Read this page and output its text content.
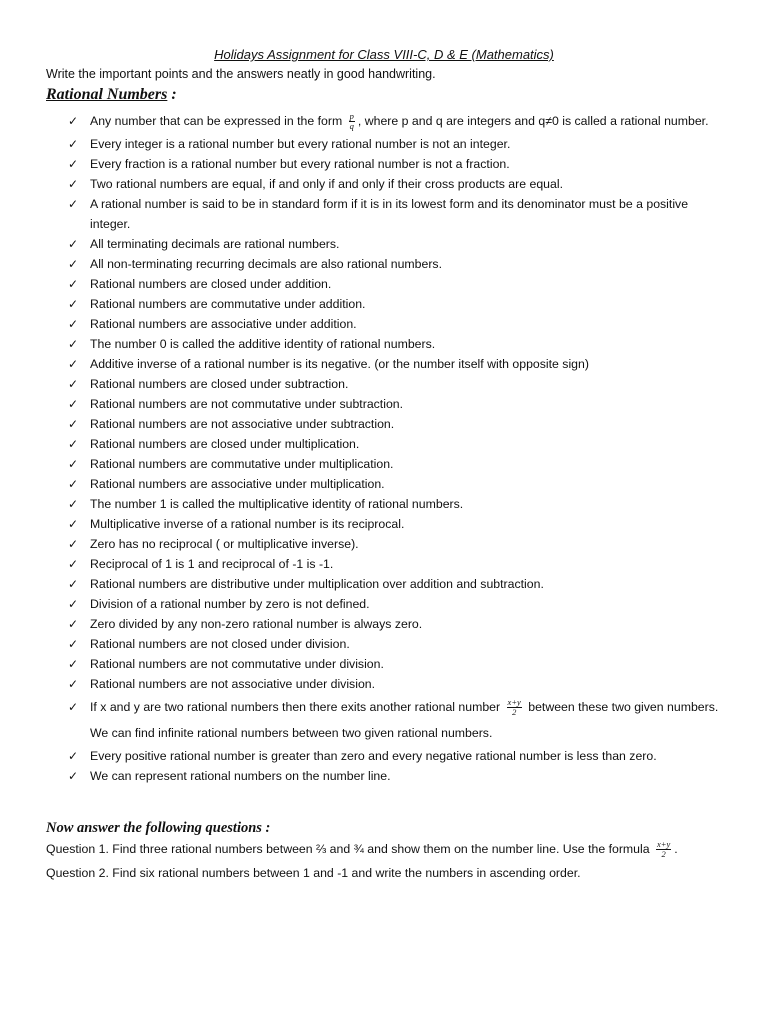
Holidays Assignment for Class VIII-C, D & E (Mathematics)
Write the important points and the answers neatly in good handwriting.
Rational Numbers :
✓ Any number that can be expressed in the form $\frac{p}{q}$ , where p and q are integers and q≠0 is called a rational number.
✓ Every integer is a rational number but every rational number is not an integer.
✓ Every fraction is a rational number but every rational number is not a fraction.
✓ Two rational numbers are equal, if and only if and only if their cross products are equal.
✓ A rational number is said to be in standard form if it is in its lowest form and its denominator must be a positive integer.
✓ All terminating decimals are rational numbers.
✓ All non-terminating recurring decimals are also rational numbers.
✓ Rational numbers are closed under addition.
✓ Rational numbers are commutative under addition.
✓ Rational numbers are associative under addition.
✓ The number 0 is called the additive identity of rational numbers.
✓ Additive inverse of a rational number is its negative. (or the number itself with opposite sign)
✓ Rational numbers are closed under subtraction.
✓ Rational numbers are not commutative under subtraction.
✓ Rational numbers are not associative under subtraction.
✓ Rational numbers are closed under multiplication.
✓ Rational numbers are commutative under multiplication.
✓ Rational numbers are associative under multiplication.
✓ The number 1 is called the multiplicative identity of rational numbers.
✓ Multiplicative inverse of a rational number is its reciprocal.
✓ Zero has no reciprocal ( or multiplicative inverse).
✓ Reciprocal of 1 is 1 and reciprocal of -1 is -1.
✓ Rational numbers are distributive under multiplication over addition and subtraction.
✓ Division of a rational number by zero is not defined.
✓ Zero divided by any non-zero rational number is always zero.
✓ Rational numbers are not closed under division.
✓ Rational numbers are not commutative under division.
✓ Rational numbers are not associative under division.
✓ If x and y are two rational numbers then there exits another rational number $\frac{x+y}{2}$ between these two given numbers. We can find infinite rational numbers between two given rational numbers.
✓ Every positive rational number is greater than zero and every negative rational number is less than zero.
✓ We can represent rational numbers on the number line.
Now answer the following questions :
Question 1. Find three rational numbers between ⅔ and ¾ and show them on the number line. Use the formula $\frac{x+y}{2}$ .
Question 2. Find six rational numbers between 1 and -1 and write the numbers in ascending order.
